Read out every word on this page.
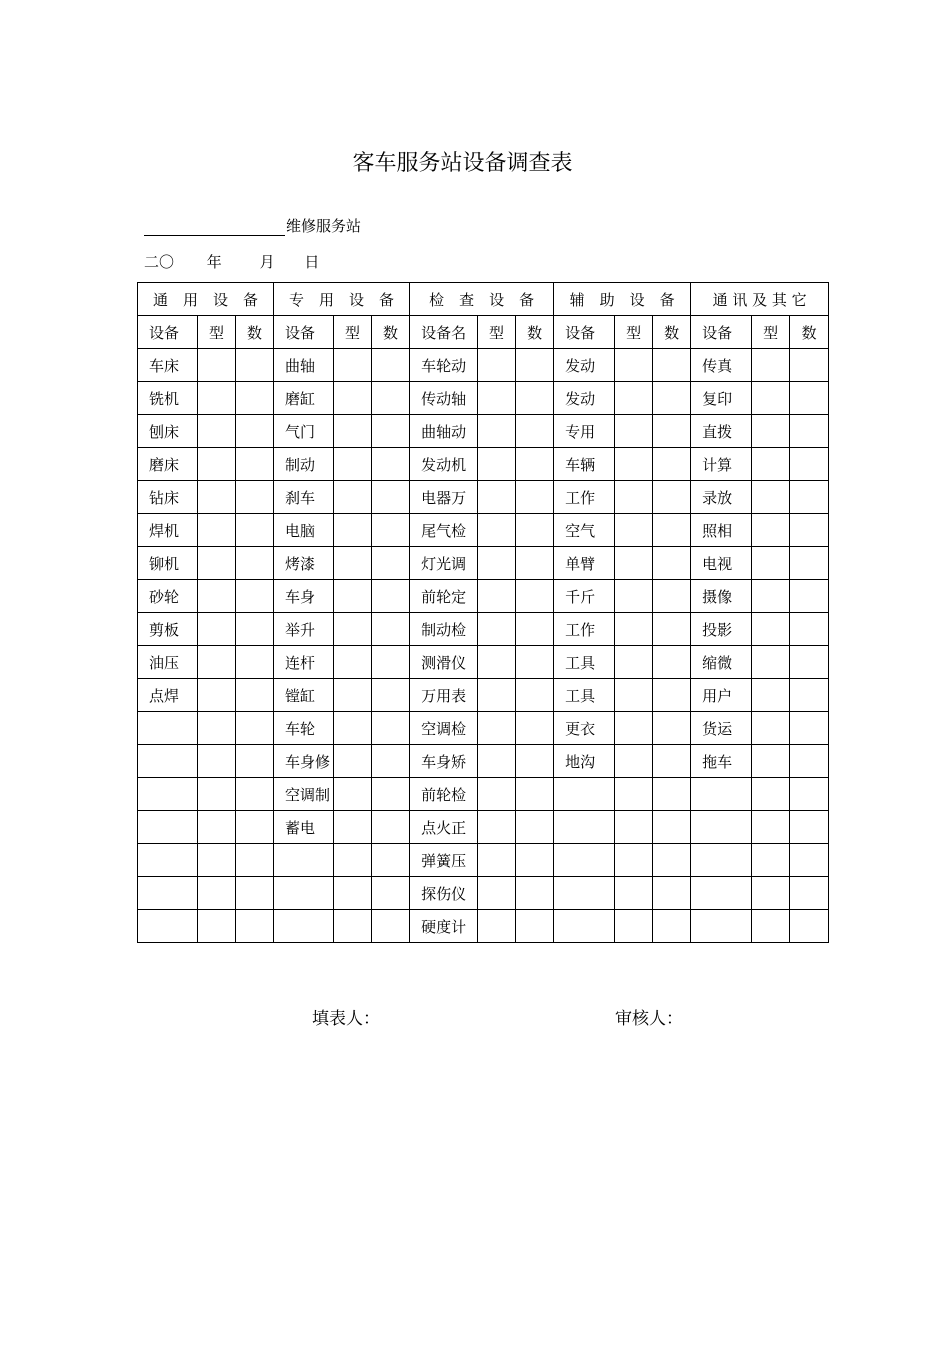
客车服务站设备调查表
维修服务站
二〇 年	月 日
通　用　设　备			专　用　设　备			检　查　设　备			辅　助　设　备			通 讯 及 其 它		
设备	型	数	设备	型	数	设备名	型	数	设备	型	数	设备	型	数
车床			曲轴			车轮动			发动			传真		
铣机			磨缸			传动轴			发动			复印		
刨床			气门			曲轴动			专用			直拨		
磨床			制动			发动机			车辆			计算		
钻床			刹车			电器万			工作			录放		
焊机			电脑			尾气检			空气			照相		
铆机			烤漆			灯光调			单臂			电视		
砂轮			车身			前轮定			千斤			摄像		
剪板			举升			制动检			工作			投影		
油压			连杆			测滑仪			工具			缩微		
点焊			镗缸			万用表			工具			用户		
			车轮			空调检			更衣			货运		
			车身修			车身矫			地沟			拖车		
			空调制			前轮检								
			蓄电			点火正								
						弹簧压								
						探伤仪								
						硬度计								
填表人：	审核人：
